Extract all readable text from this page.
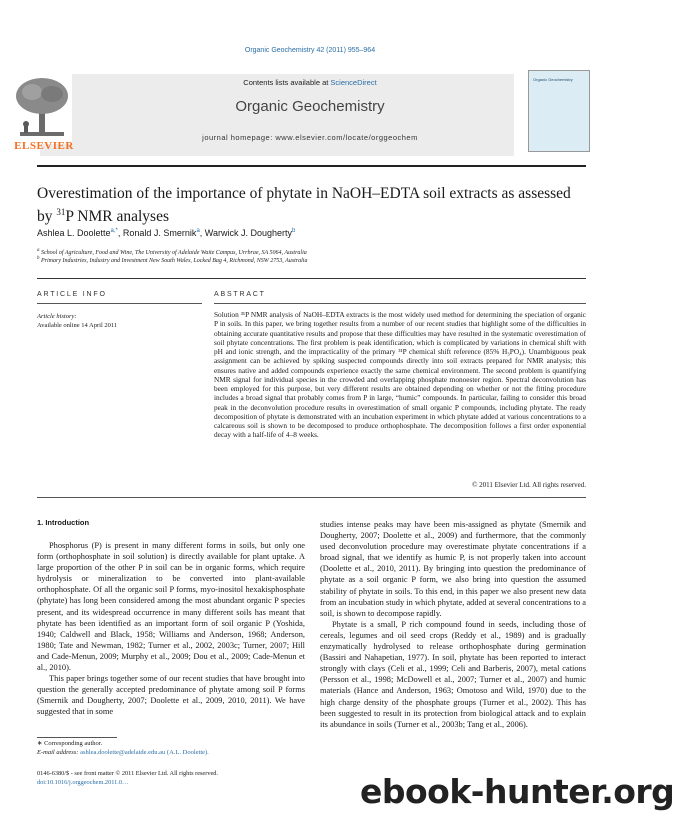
Organic Geochemistry 42 (2011) 955–964
ELSEVIER
Contents lists available at ScienceDirect
Organic Geochemistry
journal homepage: www.elsevier.com/locate/orggeochem
Organic Geochemistry
Overestimation of the importance of phytate in NaOH–EDTA soil extracts as assessed by $^{31}$P NMR analyses
Ashlea L. Doolette$^{a,*}$, Ronald J. Smernik$^a$, Warwick J. Dougherty$^b$
$^a$ School of Agriculture, Food and Wine, The University of Adelaide Waite Campus, Urrbrae, SA 5064, Australia
$^b$ Primary Industries, Industry and Investment New South Wales, Locked Bag 4, Richmond, NSW 2753, Australia
ARTICLE INFO	ABSTRACT
Article history:
Available online 14 April 2011
Solution ³¹P NMR analysis of NaOH–EDTA extracts is the most widely used method for determining the speciation of organic P in soils. In this paper, we bring together results from a number of our recent studies that highlight some of the difficulties in obtaining accurate quantitative results and propose that these difficulties may have resulted in the systematic overestimation of soil phytate concentrations. The first problem is peak identification, which is complicated by variations in chemical shift with pH and ionic strength, and the impracticality of the primary ³¹P chemical shift reference (85% H₃PO₄). Unambiguous peak assignment can be achieved by spiking suspected compounds directly into soil extracts prepared for NMR analysis; this ensures native and added compounds experience exactly the same chemical environment. The second problem is quantifying NMR signal for individual species in the crowded and overlapping phosphate monoester region. Spectral deconvolution has been employed for this purpose, but very different results are obtained depending on whether or not the fitting procedure includes a broad signal that probably comes from P in large, “humic” compounds. In particular, failing to consider this broad peak in the deconvolution procedure results in overestimation of small organic P compounds, including phytate. The ready decomposition of phytate is demonstrated with an incubation experiment in which phytate added at various concentrations to a calcareous soil is shown to be decomposed to produce orthophosphate. The decomposition follows a first order exponential decay with a half-life of 4–8 weeks.
© 2011 Elsevier Ltd. All rights reserved.
1. Introduction

Phosphorus (P) is present in many different forms in soils, but only one form (orthophosphate in soil solution) is directly available for plant uptake. A large proportion of the other P in soil can be in organic forms, which require hydrolysis or mineralization to be converted into plant-available orthophosphate. Of all the organic soil P forms, myo-inositol hexakisphosphate (phytate) has long been considered among the most abundant organic P species present, and its widespread occurrence in many different soils has meant that phytate has been identified as an important form of soil organic P (Yoshida, 1940; Caldwell and Black, 1958; Williams and Anderson, 1968; Anderson, 1980; Tate and Newman, 1982; Turner et al., 2002, 2003c; Turner, 2007; Hill and Cade-Menun, 2009; Murphy et al., 2009; Dou et al., 2009; Cade-Menun et al., 2010).

This paper brings together some of our recent studies that have brought into question the generally accepted predominance of phytate among soil P forms (Smernik and Dougherty, 2007; Doolette et al., 2009, 2010, 2011). We have suggested that in some

studies intense peaks may have been mis-assigned as phytate (Smernik and Dougherty, 2007; Doolette et al., 2009) and furthermore, that the commonly used deconvolution procedure may overestimate phytate concentrations if a broad signal, that we identify as humic P, is not properly taken into account (Doolette et al., 2010, 2011). By bringing into question the predominance of phytate as a soil organic P form, we also bring into question the assumed stability of phytate in soils. To this end, in this paper we also present new data from an incubation study in which phytate, added at several concentrations to a soil, is shown to decompose rapidly.

Phytate is a small, P rich compound found in seeds, including those of cereals, legumes and oil seed crops (Reddy et al., 1989) and is gradually enzymatically hydrolysed to release orthophosphate during germination (Bassiri and Nahapetian, 1977). In soil, phytate has been reported to interact strongly with clays (Celi et al., 1999; Celi and Barberis, 2007), metal cations (Persson et al., 1998; McDowell et al., 2007; Turner et al., 2007) and humic materials (Hance and Anderson, 1963; Omotoso and Wild, 1970) due to the high charge density of the phosphate groups (Turner et al., 2002). This has been suggested to result in its protection from biological attack and to explain its abundance in soils (Turner et al., 2003b; Tang et al., 2006).

∗ Corresponding author.
E-mail address: ashlea.doolette@adelaide.edu.au (A.L. Doolette).
0146-6380/$ - see front matter © 2011 Elsevier Ltd. All rights reserved.
doi:10.1016/j.orggeochem.2011.0…	ebook-hunter.org
